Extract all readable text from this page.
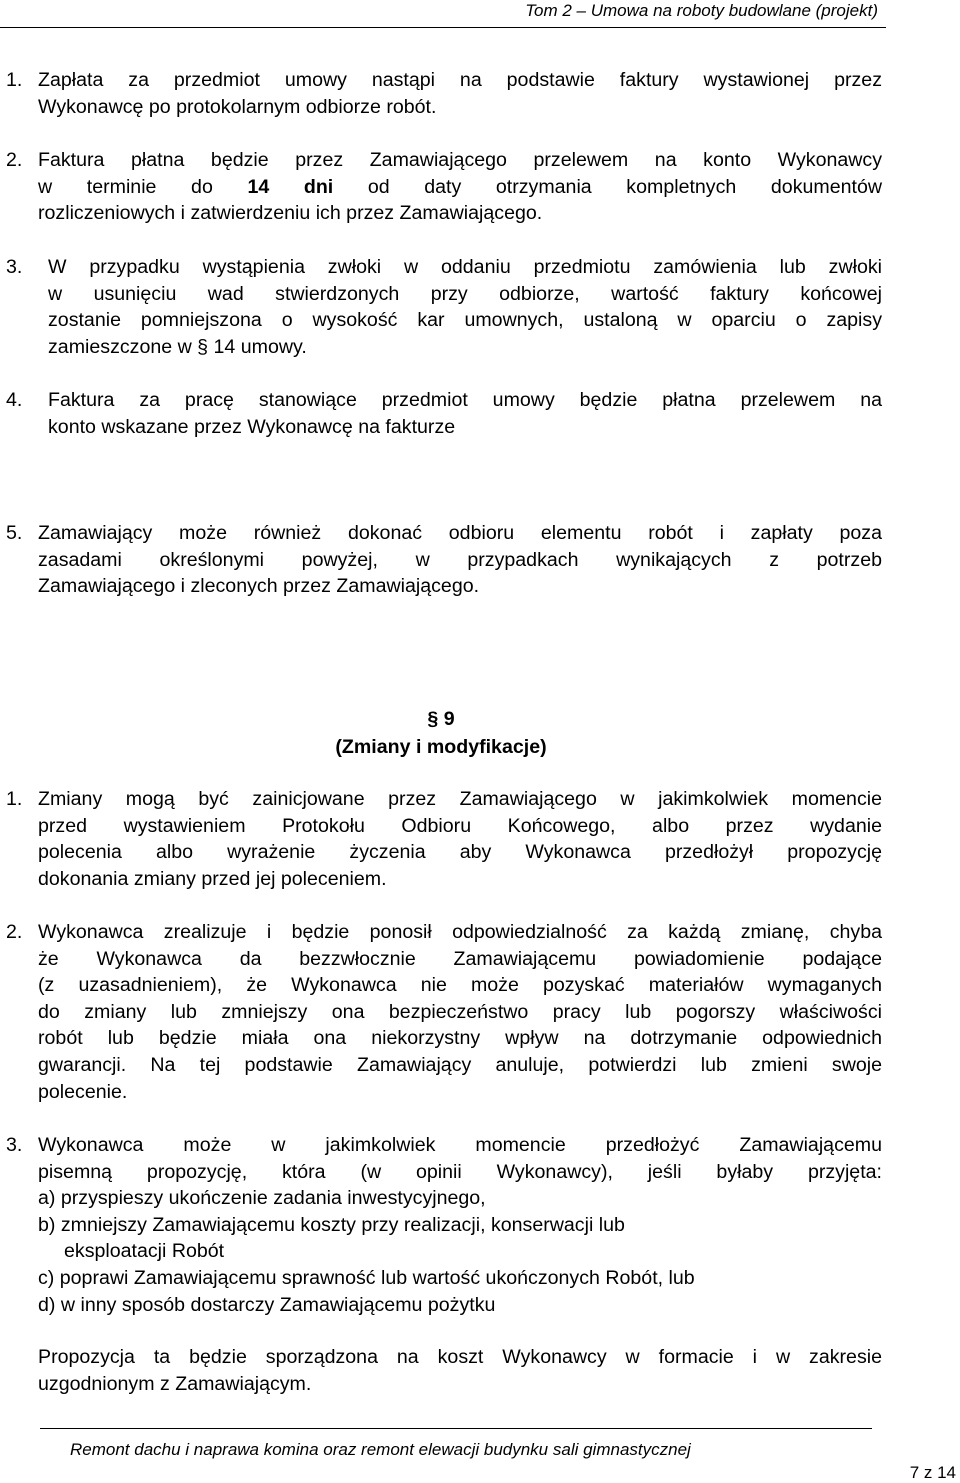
Tom 2 – Umowa na roboty budowlane (projekt)
1. Zapłata za przedmiot umowy nastąpi na podstawie faktury wystawionej przez
Wykonawcę po protokolarnym odbiorze robót.

2. Faktura płatna będzie przez Zamawiającego przelewem na konto Wykonawcy
w terminie do 14 dni od daty otrzymania kompletnych dokumentów
rozliczeniowych i zatwierdzeniu ich przez Zamawiającego.

3. W przypadku wystąpienia zwłoki w oddaniu przedmiotu zamówienia lub zwłoki
w usunięciu wad stwierdzonych przy odbiorze, wartość faktury końcowej
zostanie pomniejszona o wysokość kar umownych, ustaloną w oparciu o zapisy
zamieszczone w § 14 umowy.

4. Faktura za pracę stanowiące przedmiot umowy będzie płatna przelewem na
konto wskazane przez Wykonawcę na fakturze

5. Zamawiający może również dokonać odbioru elementu robót i zapłaty poza
zasadami określonymi powyżej, w przypadkach wynikających z potrzeb
Zamawiającego i zleconych przez Zamawiającego.

§ 9
(Zmiany i modyfikacje)
1. Zmiany mogą być zainicjowane przez Zamawiającego w jakimkolwiek momencie
przed wystawieniem Protokołu Odbioru Końcowego, albo przez wydanie
polecenia albo wyrażenie życzenia aby Wykonawca przedłożył propozycję
dokonania zmiany przed jej poleceniem.

2. Wykonawca zrealizuje i będzie ponosił odpowiedzialność za każdą zmianę, chyba
że Wykonawca da bezzwłocznie Zamawiającemu powiadomienie podające
(z uzasadnieniem), że Wykonawca nie może pozyskać materiałów wymaganych
do zmiany lub zmniejszy ona bezpieczeństwo pracy lub pogorszy właściwości
robót lub będzie miała ona niekorzystny wpływ na dotrzymanie odpowiednich
gwarancji. Na tej podstawie Zamawiający anuluje, potwierdzi lub zmieni swoje
polecenie.

3. Wykonawca może w jakimkolwiek momencie przedłożyć Zamawiającemu
pisemną propozycję, która (w opinii Wykonawcy), jeśli byłaby przyjęta:
a) przyspieszy ukończenie zadania inwestycyjnego,
b) zmniejszy Zamawiającemu koszty przy realizacji, konserwacji lub
eksploatacji Robót
c) poprawi Zamawiającemu sprawność lub wartość ukończonych Robót, lub
d) w inny sposób dostarczy Zamawiającemu pożytku

Propozycja ta będzie sporządzona na koszt Wykonawcy w formacie i w zakresie
uzgodnionym z Zamawiającym.

Remont dachu i naprawa komina oraz remont elewacji budynku sali gimnastycznej
7 z 14
